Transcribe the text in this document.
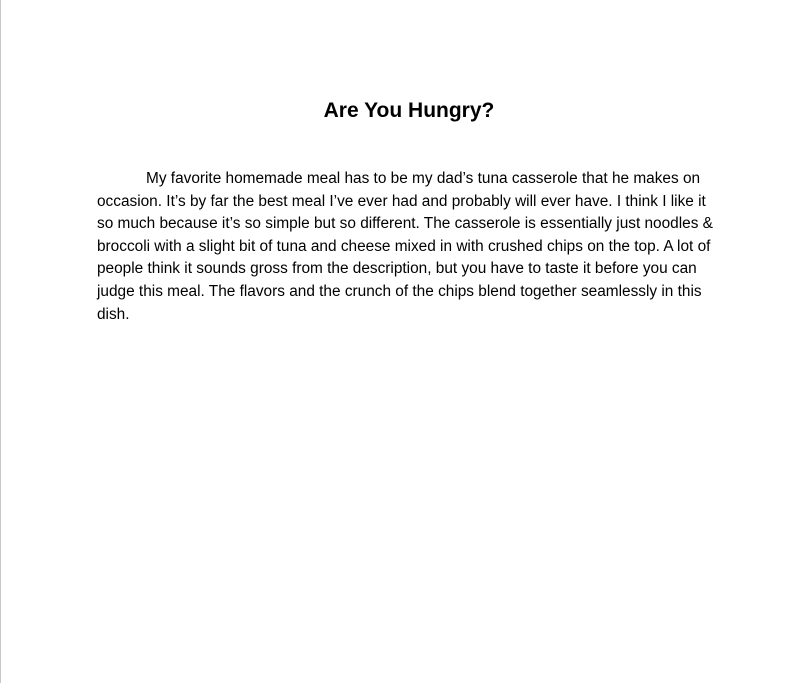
Are You Hungry?

My favorite homemade meal has to be my dad’s tuna casserole that he makes on occasion. It’s by far the best meal I’ve ever had and probably will ever have. I think I like it so much because it’s so simple but so different. The casserole is essentially just noodles & broccoli with a slight bit of tuna and cheese mixed in with crushed chips on the top. A lot of people think it sounds gross from the description, but you have to taste it before you can judge this meal. The flavors and the crunch of the chips blend together seamlessly in this dish.
